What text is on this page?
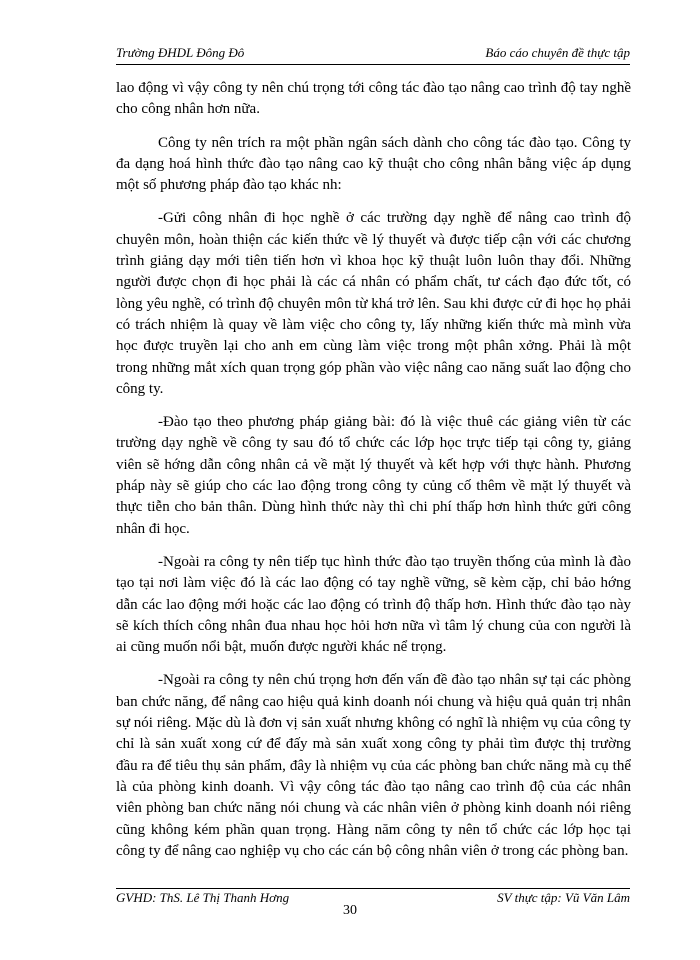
Trường ĐHDL Đông Đô	Báo cáo chuyên đề thực tập

lao động vì vậy công ty nên chú trọng tới công tác đào tạo nâng cao trình độ tay nghề cho công nhân hơn nữa.

Công ty nên trích ra một phần ngân sách dành cho công tác đào tạo. Công ty đa dạng hoá hình thức đào tạo nâng cao kỹ thuật cho công nhân bằng việc áp dụng một số phương pháp đào tạo khác nh:

-Gửi công nhân đi học nghề ở các trường dạy nghề để nâng cao trình độ chuyên môn, hoàn thiện các kiến thức về lý thuyết và được tiếp cận với các chương trình giảng dạy mới tiên tiến hơn vì khoa học kỹ thuật luôn luôn thay đổi. Những người được chọn đi học phải là các cá nhân có phẩm chất, tư cách đạo đức tốt, có lòng yêu nghề, có trình độ chuyên môn từ khá trở lên. Sau khi được cử đi học họ phải có trách nhiệm là quay về làm việc cho công ty, lấy những kiến thức mà mình vừa học được truyền lại cho anh em cùng làm việc trong một phân xởng. Phải là một trong những mắt xích quan trọng góp phần vào việc nâng cao năng suất lao động cho công ty.

-Đào tạo theo phương pháp giảng bài: đó là việc thuê các giảng viên từ các trường dạy nghề về công ty sau đó tổ chức các lớp học trực tiếp tại công ty, giảng viên sẽ hớng dẫn công nhân cả về mặt lý thuyết và kết hợp với thực hành. Phương pháp này sẽ giúp cho các lao động trong công ty củng cố thêm về mặt lý thuyết và thực tiễn cho bản thân. Dùng hình thức này thì chi phí thấp hơn hình thức gửi công nhân đi học.

-Ngoài ra công ty nên tiếp tục hình thức đào tạo truyền thống của mình là đào tạo tại nơi làm việc đó là các lao động có tay nghề vững, sẽ kèm cặp, chỉ bảo hớng dẫn các lao động mới hoặc các lao động có trình độ thấp hơn. Hình thức đào tạo này sẽ kích thích công nhân đua nhau học hỏi hơn nữa vì tâm lý chung của con người là ai cũng muốn nổi bật, muốn được người khác nể trọng.

-Ngoài ra công ty nên chú trọng hơn đến vấn đề đào tạo nhân sự tại các phòng ban chức năng, để nâng cao hiệu quả kinh doanh nói chung và hiệu quả quản trị nhân sự nói riêng. Mặc dù là đơn vị sản xuất nhưng không có nghĩ là nhiệm vụ của công ty chỉ là sản xuất xong cứ để đấy mà sản xuất xong công ty phải tìm được thị trường đầu ra để tiêu thụ sản phẩm, đây là nhiệm vụ của các phòng ban chức năng mà cụ thể là của phòng kinh doanh. Vì vậy công tác đào tạo nâng cao trình độ của các nhân viên phòng ban chức năng nói chung và các nhân viên ở phòng kinh doanh nói riêng cũng không kém phần quan trọng. Hàng năm công ty nên tổ chức các lớp học tại công ty để nâng cao nghiệp vụ cho các cán bộ công nhân viên ở trong các phòng ban.

GVHD: ThS. Lê Thị Thanh Hơng	SV thực tập: Vũ Văn Lâm
30
